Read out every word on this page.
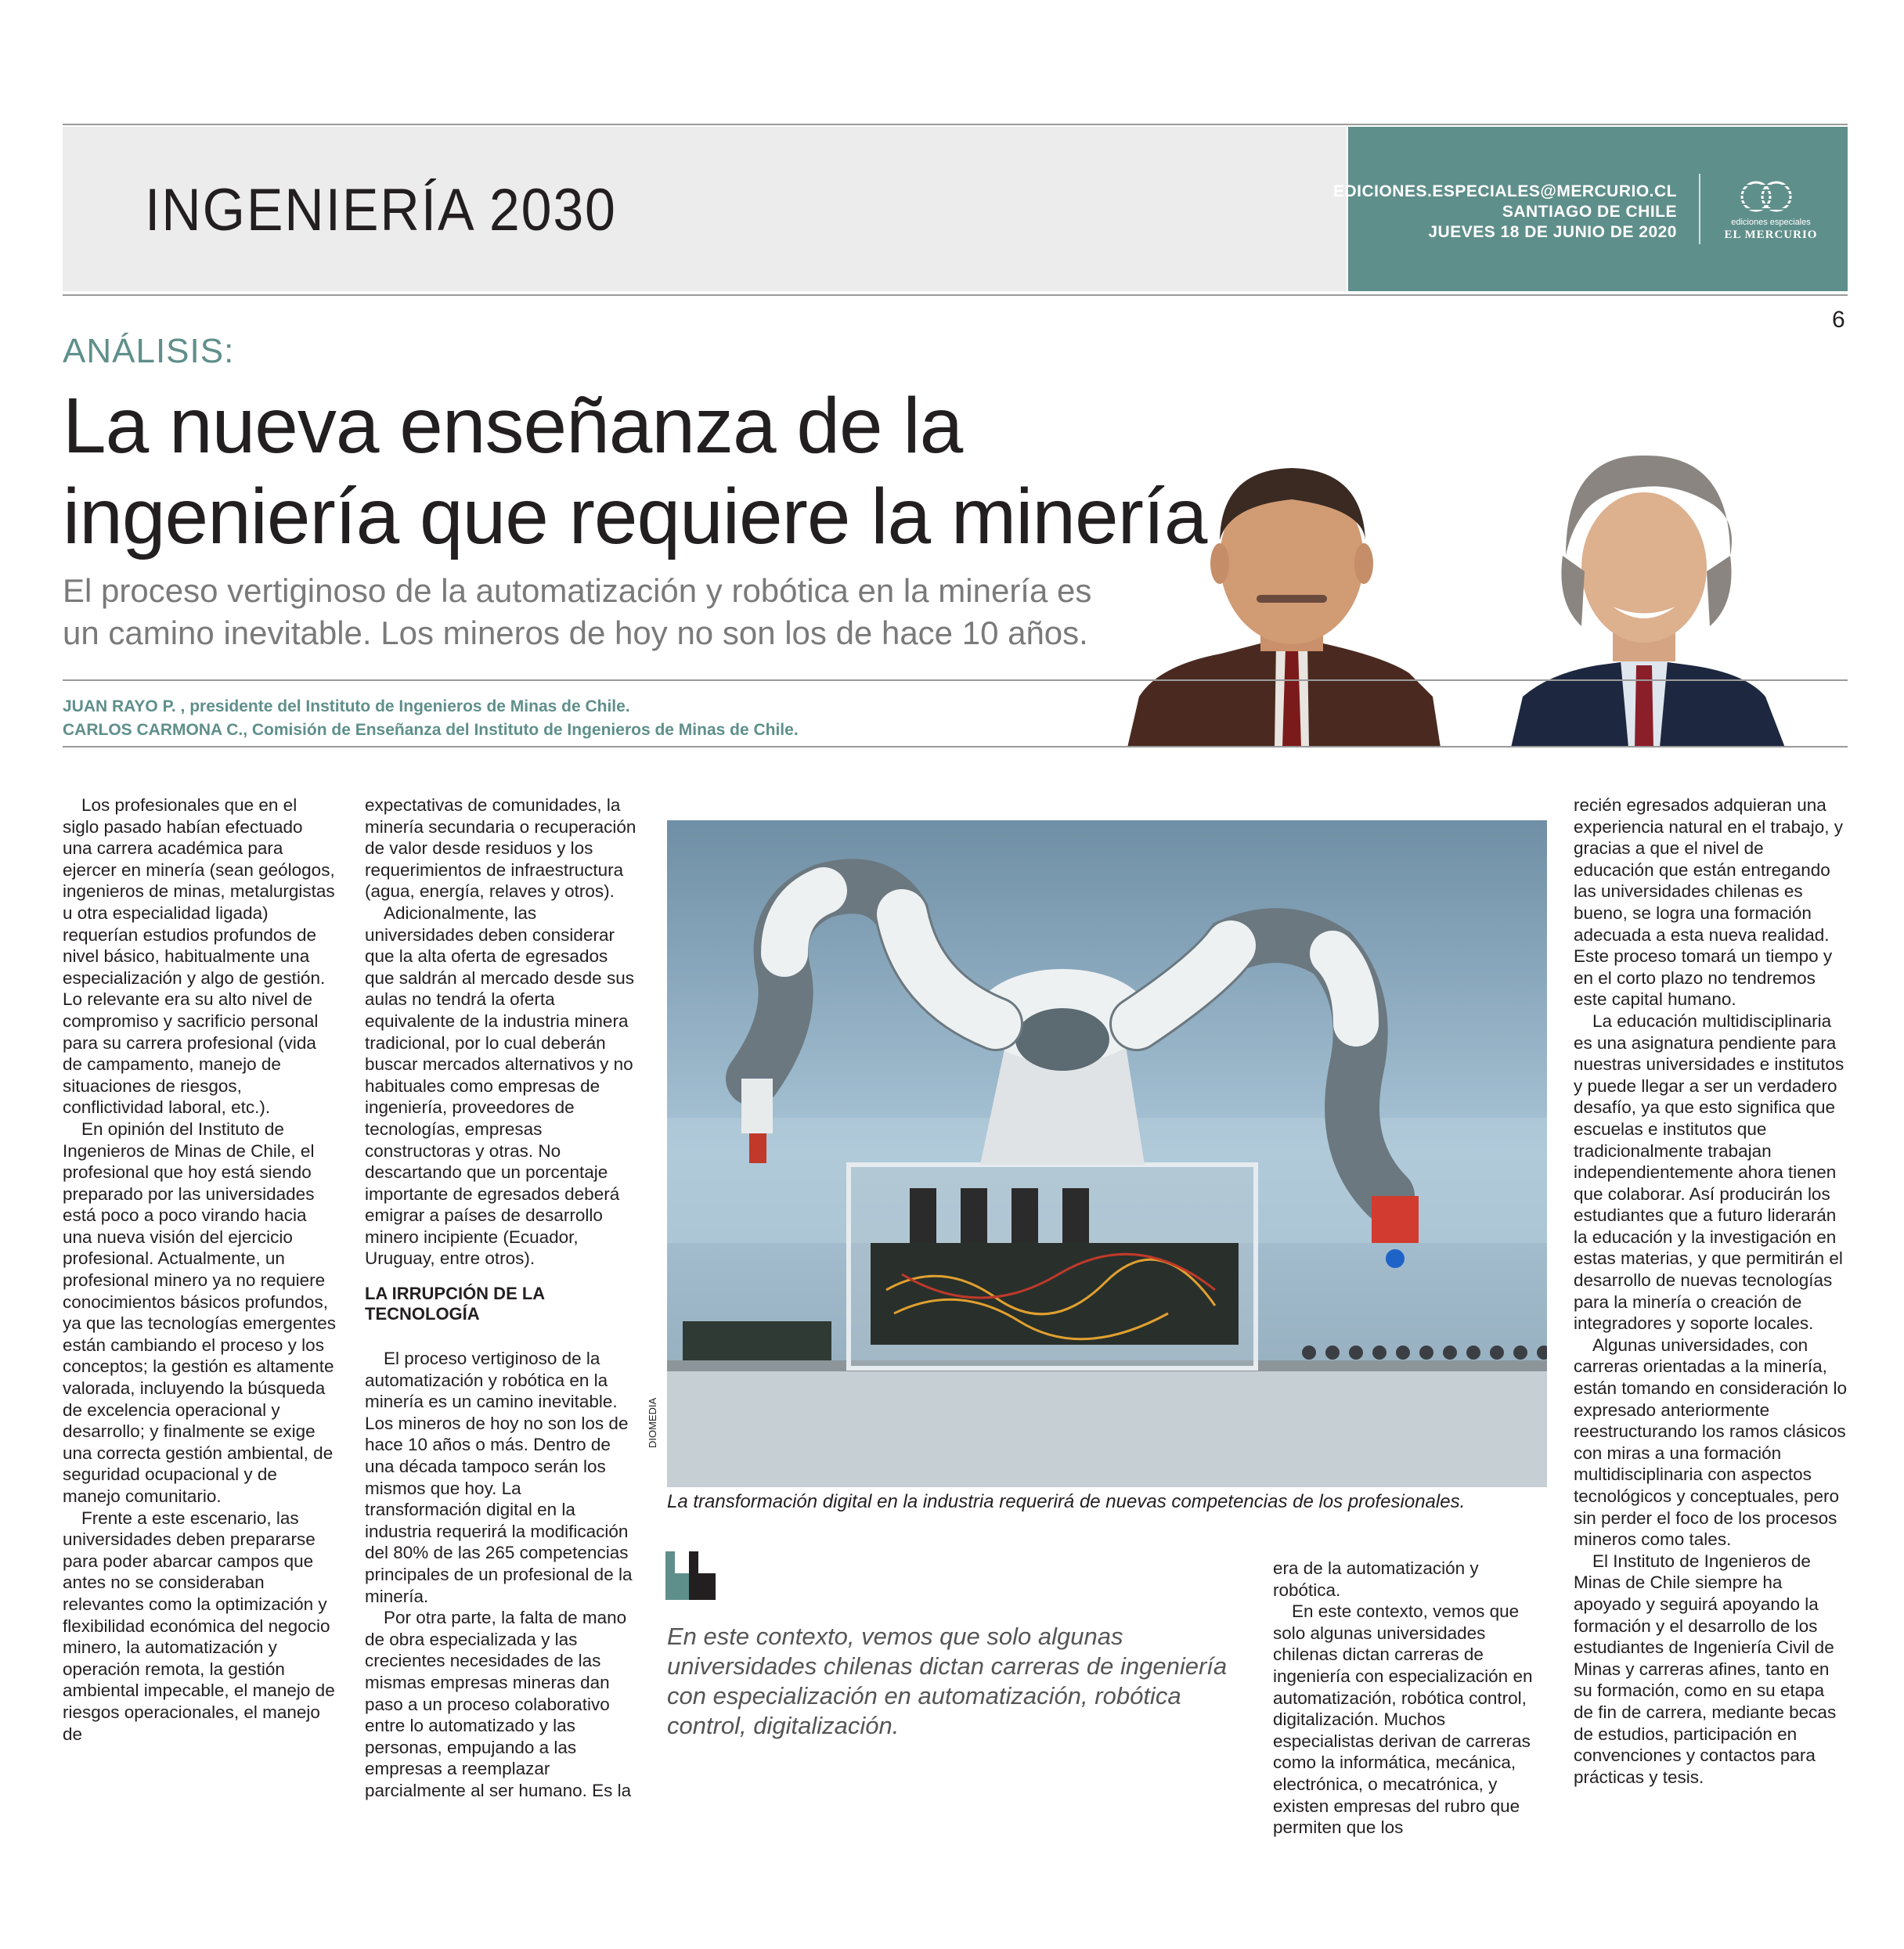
INGENIERÍA 2030	EDICIONES.ESPECIALES@MERCURIO.CL
SANTIAGO DE CHILE
JUEVES 18 DE JUNIO DE 2020
ediciones especiales
EL MERCURIO
6
ANÁLISIS:
La nueva enseñanza de la
ingeniería que requiere la minería
El proceso vertiginoso de la automatización y robótica en la minería es
un camino inevitable. Los mineros de hoy no son los de hace 10 años.
JUAN RAYO P. , presidente del Instituto de Ingenieros de Minas de Chile.
CARLOS CARMONA C., Comisión de Enseñanza del Instituto de Ingenieros de Minas de Chile.

Los profesionales que en el siglo pasado habían efectuado una carrera académica para ejercer en minería (sean geólogos, ingenieros de minas, metalurgistas u otra especialidad ligada) requerían estudios profundos de nivel básico, habitualmente una especialización y algo de gestión. Lo relevante era su alto nivel de compromiso y sacrificio personal para su carrera profesional (vida de campamento, manejo de situaciones de riesgos, conflictividad laboral, etc.).

En opinión del Instituto de Ingenieros de Minas de Chile, el profesional que hoy está siendo preparado por las universidades está poco a poco virando hacia una nueva visión del ejercicio profesional. Actualmente, un profesional minero ya no requiere conocimientos básicos profundos, ya que las tecnologías emergentes están cambiando el proceso y los conceptos; la gestión es altamente valorada, incluyendo la búsqueda de excelencia operacional y desarrollo; y finalmente se exige una correcta gestión ambiental, de seguridad ocupacional y de manejo comunitario.

Frente a este escenario, las universidades deben prepararse para poder abarcar campos que antes no se consideraban relevantes como la optimización y flexibilidad económica del negocio minero, la automatización y operación remota, la gestión ambiental impecable, el manejo de riesgos operacionales, el manejo de

expectativas de comunidades, la minería secundaria o recuperación de valor desde residuos y los requerimientos de infraestructura (agua, energía, relaves y otros).

Adicionalmente, las universidades deben considerar que la alta oferta de egresados que saldrán al mercado desde sus aulas no tendrá la oferta equivalente de la industria minera tradicional, por lo cual deberán buscar mercados alternativos y no habituales como empresas de ingeniería, proveedores de tecnologías, empresas constructoras y otras. No descartando que un porcentaje importante de egresados deberá emigrar a países de desarrollo minero incipiente (Ecuador, Uruguay, entre otros).

LA IRRUPCIÓN DE LA TECNOLOGÍA

El proceso vertiginoso de la automatización y robótica en la minería es un camino inevitable. Los mineros de hoy no son los de hace 10 años o más. Dentro de una década tampoco serán los mismos que hoy. La transformación digital en la industria requerirá la modificación del 80% de las 265 competencias principales de un profesional de la minería.

Por otra parte, la falta de mano de obra especializada y las crecientes necesidades de las mismas empresas mineras dan paso a un proceso colaborativo entre lo automatizado y las personas, empujando a las empresas a reemplazar parcialmente al ser humano. Es la

DIOMEDIA
La transformación digital en la industria requerirá de nuevas competencias de los profesionales.
En este contexto, vemos que solo algunas universidades chilenas dictan carreras de ingeniería con especialización en automatización, robótica control, digitalización.

era de la automatización y robótica.

En este contexto, vemos que solo algunas universidades chilenas dictan carreras de ingeniería con especialización en automatización, robótica control, digitalización. Muchos especialistas derivan de carreras como la informática, mecánica, electrónica, o mecatrónica, y existen empresas del rubro que permiten que los

recién egresados adquieran una experiencia natural en el trabajo, y gracias a que el nivel de educación que están entregando las universidades chilenas es bueno, se logra una formación adecuada a esta nueva realidad. Este proceso tomará un tiempo y en el corto plazo no tendremos este capital humano.

La educación multidisciplinaria es una asignatura pendiente para nuestras universidades e institutos y puede llegar a ser un verdadero desafío, ya que esto significa que escuelas e institutos que tradicionalmente trabajan independientemente ahora tienen que colaborar. Así producirán los estudiantes que a futuro liderarán la educación y la investigación en estas materias, y que permitirán el desarrollo de nuevas tecnologías para la minería o creación de integradores y soporte locales.

Algunas universidades, con carreras orientadas a la minería, están tomando en consideración lo expresado anteriormente reestructurando los ramos clásicos con miras a una formación multidisciplinaria con aspectos tecnológicos y conceptuales, pero sin perder el foco de los procesos mineros como tales.

El Instituto de Ingenieros de Minas de Chile siempre ha apoyado y seguirá apoyando la formación y el desarrollo de los estudiantes de Ingeniería Civil de Minas y carreras afines, tanto en su formación, como en su etapa de fin de carrera, mediante becas de estudios, participación en convenciones y contactos para prácticas y tesis.
